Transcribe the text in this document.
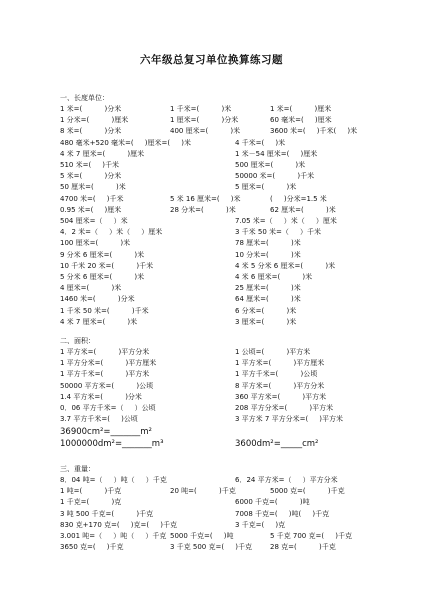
六年级总复习单位换算练习题
一、长度单位：
1 米=(          )分米	1 千米=(          )米	1 米=(          )厘米
1 分米=(          )厘米	1 厘米=(          )分米	60 毫米=(     )厘米
8 米=(          )分米	400 厘米=(          )米	3600 米=(     )千米(     )米
480 毫米+520 毫米=(     )厘米=(     )米	4 千米=(     )米
4 米 7 厘米=(          )厘米	1 米－54 厘米=(     )厘米
510 米=(     )千米	500 厘米=(          )米
5 米=(          )分米	50000 米=(          )千米
50 厘米=(          )米	5 厘米=(          )米
4700 米=(     )千米	5 米 16 厘米=(     )米	(     )分米=1.5 米
0.95 米=(     )厘米	28 分米=(          )米	62 厘米=(          )米
504 厘米=（     ）米	7.05 米=（     ）米（     ）厘米
4．2 米=（     ）米（     ）厘米	3 千米 50 米=（     ）千米
100 厘米=(          )米	78 厘米=(          )米
9 分米 6 厘米=(          )米	10 分米=(          )米
10 千米 20 米=(          )千米	4 米 5 分米 6 厘米=(          )米
5 分米 6 厘米=(          )米	4 米 6 厘米=(          )米
4 厘米=(          )米	25 厘米=(          )米
1460 米=(          )分米	64 厘米=(          )米
1 千米 50 米=(          )千米	6 分米=(          )米
4 米 7 厘米=(          )米	3 厘米=(          )米
二、面积：
1 平方米=(          )平方分米	1 公顷=(          )平方米
1 平方分米=(          )平方厘米	1 平方米=(          )平方厘米
1 平方千米=(          )平方米	1 平方千米=(          )公顷
50000 平方米=(          )公顷	8 平方米=(          )平方分米
1.4 平方米=(          )分米	360 平方米=(          )平方米
0．06 平方千米=（     ）公顷	208 平方分米=(          )平方米
3.7 平方千米=(     )公顷	3 平方米 7 平方分米=(     )平方米
36900cm²=_______m²
1000000dm²=_______m³	3600dm²=_____cm²
三、重量：
8．04 吨=（     ）吨（     ）千克	6．24 平方米=（     ）平方分米
1 吨=(          )千克	20 吨=(          )千克	5000 克=(          )千克
1 千克=(          )克	6000 千克=(          )吨
3 吨 500 千克=(          )千克	7008 千克=(     )吨(     )千克
830 克+170 克=(     )克=(     )千克	3 千克=(     )克
3.001 吨=（     ）吨（     ）千克 5000 千克=(     )吨	5 千克 700 克=(     )千克
3650 克=(     )千克	3 千克 500 克=(     )千克	28 克=(          )千克
